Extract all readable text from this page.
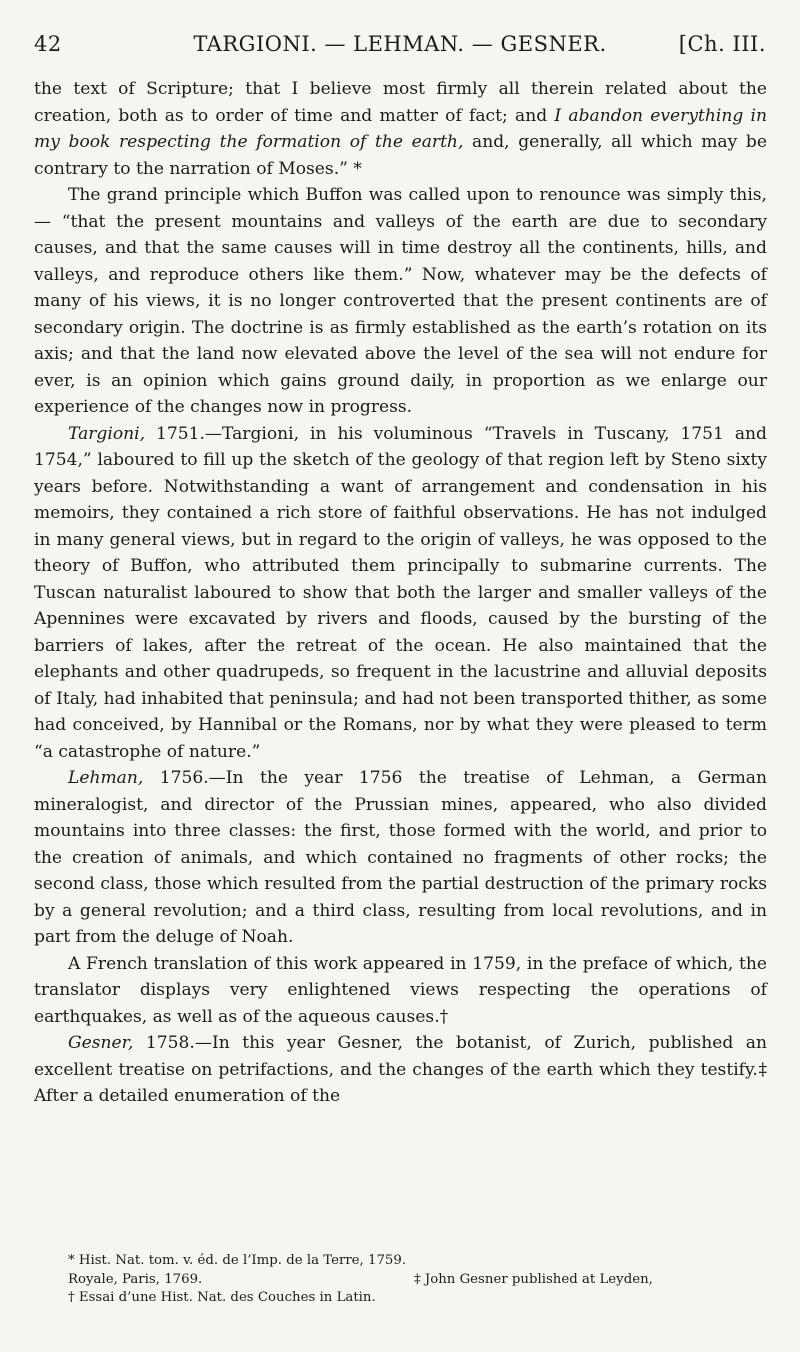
42	TARGIONI. — LEHMAN. — GESNER.	[Ch. III.

the text of Scripture; that I believe most firmly all therein related about the creation, both as to order of time and matter of fact; and I abandon everything in my book respecting the formation of the earth, and, generally, all which may be contrary to the narration of Moses.” *

The grand principle which Buffon was called upon to renounce was simply this,— “that the present mountains and valleys of the earth are due to secondary causes, and that the same causes will in time destroy all the continents, hills, and valleys, and reproduce others like them.” Now, whatever may be the defects of many of his views, it is no longer controverted that the present continents are of secondary origin. The doctrine is as firmly established as the earth’s rotation on its axis; and that the land now elevated above the level of the sea will not endure for ever, is an opinion which gains ground daily, in proportion as we enlarge our experience of the changes now in progress.

Targioni, 1751.—Targioni, in his voluminous “Travels in Tuscany, 1751 and 1754,” laboured to fill up the sketch of the geology of that region left by Steno sixty years before. Notwithstanding a want of arrangement and condensation in his memoirs, they contained a rich store of faithful observations. He has not indulged in many general views, but in regard to the origin of valleys, he was opposed to the theory of Buffon, who attributed them principally to submarine currents. The Tuscan naturalist laboured to show that both the larger and smaller valleys of the Apennines were excavated by rivers and floods, caused by the bursting of the barriers of lakes, after the retreat of the ocean. He also maintained that the elephants and other quadrupeds, so frequent in the lacustrine and alluvial deposits of Italy, had inhabited that peninsula; and had not been transported thither, as some had conceived, by Hannibal or the Romans, nor by what they were pleased to term “a catastrophe of nature.”

Lehman, 1756.—In the year 1756 the treatise of Lehman, a German mineralogist, and director of the Prussian mines, appeared, who also divided mountains into three classes: the first, those formed with the world, and prior to the creation of animals, and which contained no fragments of other rocks; the second class, those which resulted from the partial destruction of the primary rocks by a general revolution; and a third class, resulting from local revolutions, and in part from the deluge of Noah.

A French translation of this work appeared in 1759, in the preface of which, the translator displays very enlightened views respecting the operations of earthquakes, as well as of the aqueous causes.†

Gesner, 1758.—In this year Gesner, the botanist, of Zurich, published an excellent treatise on petrifactions, and the changes of the earth which they testify.‡ After a detailed enumeration of the

* Hist. Nat. tom. v. éd. de l’Imp. de la Terre, 1759.
Royale, Paris, 1769.
† Essai d’une Hist. Nat. des Couches in Latin.

‡ John Gesner published at Leyden,
